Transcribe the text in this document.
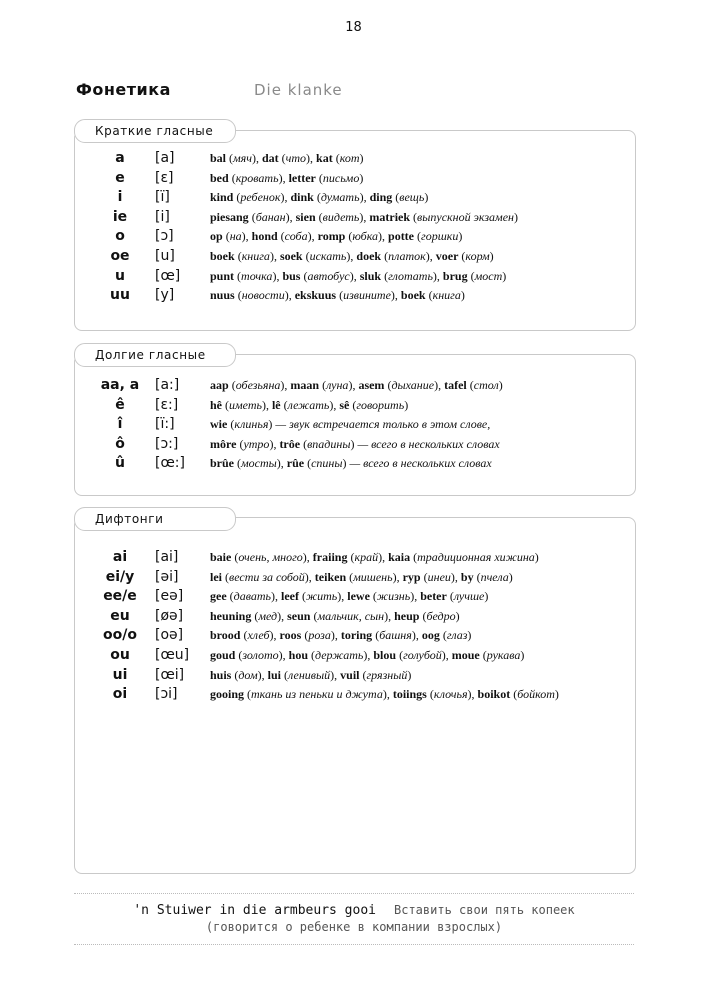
18
Фонетика	Die klanke
a	[a]	bal (мяч), dat (что), kat (кот)
e	[ɛ]	bed (кровать), letter (письмо)
i	[ï]	kind (ребенок), dink (думать), ding (вещь)
ie	[i]	piesang (банан), sien (видеть), matriek (выпускной экзамен)
o	[ɔ]	op (на), hond (соба), romp (юбка), potte (горшки)
oe	[u]	boek (книга), soek (искать), doek (платок), voer (корм)
u	[œ] punt (точка), bus (автобус), sluk (глотать), brug (мост)
uu	[y]	nuus (новости), ekskuus (извините), boek (книга)
Краткие гласные
aa, a	[a:]	aap (обезьяна), maan (луна), asem (дыхание), tafel (стол)
ê	[ɛ:]	hê (иметь), lê (лежать), sê (говорить)
î	[ï:]	wie (клинья) — звук встречается только в этом слове,
ô	[ɔ:]	môre (утро), trôe (впадины) — всего в нескольких словах
û	[œ:] brûe (мосты), rûe (спины) — всего в нескольких словах
Долгие гласные
ai	[ai]	baie (очень, много), fraiing (край), kaia (традиционная хижина)
ei/y	[əi]	lei (вести за собой), teiken (мишень), ryp (инеи), by (пчела)
ee/e	[eə] gee (давать), leef (жить), lewe (жизнь), beter (лучше)
eu	[øə] heuning (мед), seun (мальчик, сын), heup (бедро)
oo/o	[oə] brood (хлеб), roos (роза), toring (башня), oog (глаз)
ou	[œu] goud (золото), hou (держать), blou (голубой), moue (рукава)
ui	[œi] huis (дом), lui (ленивый), vuil (грязный)
oi	[ɔi]	gooing (ткань из пеньки и джута), toiings (клочья), boikot (бойкот)
Дифтонги
'n Stuiwer in die armbeurs gooi Вставить свои пять копеек
(говорится о ребенке в компании взрослых)
